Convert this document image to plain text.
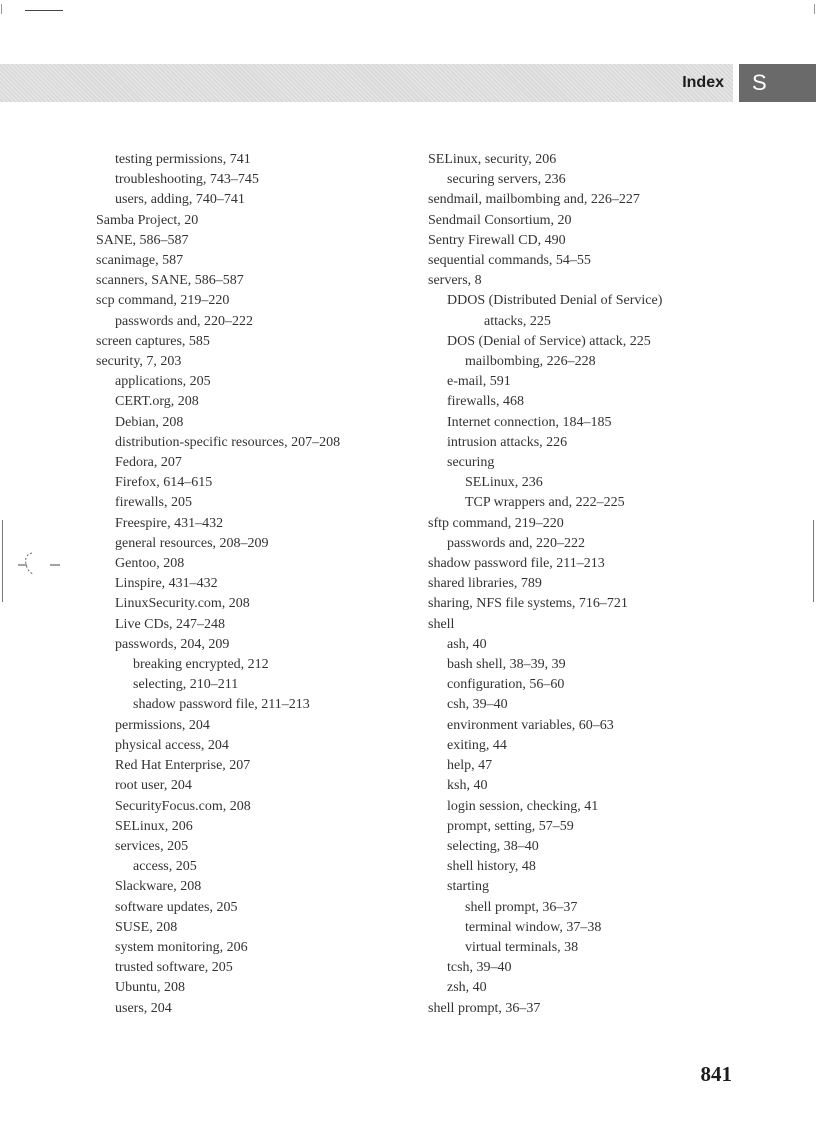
Index	S
testing permissions, 741
troubleshooting, 743–745
users, adding, 740–741
Samba Project, 20
SANE, 586–587
scanimage, 587
scanners, SANE, 586–587
scp command, 219–220
passwords and, 220–222
screen captures, 585
security, 7, 203
applications, 205
CERT.org, 208
Debian, 208
distribution-specific resources, 207–208
Fedora, 207
Firefox, 614–615
firewalls, 205
Freespire, 431–432
general resources, 208–209
Gentoo, 208
Linspire, 431–432
LinuxSecurity.com, 208
Live CDs, 247–248
passwords, 204, 209
breaking encrypted, 212
selecting, 210–211
shadow password file, 211–213
permissions, 204
physical access, 204
Red Hat Enterprise, 207
root user, 204
SecurityFocus.com, 208
SELinux, 206
services, 205
access, 205
Slackware, 208
software updates, 205
SUSE, 208
system monitoring, 206
trusted software, 205
Ubuntu, 208
users, 204
SELinux, security, 206
securing servers, 236
sendmail, mailbombing and, 226–227
Sendmail Consortium, 20
Sentry Firewall CD, 490
sequential commands, 54–55
servers, 8
DDOS (Distributed Denial of Service)
attacks, 225
DOS (Denial of Service) attack, 225
mailbombing, 226–228
e-mail, 591
firewalls, 468
Internet connection, 184–185
intrusion attacks, 226
securing
SELinux, 236
TCP wrappers and, 222–225
sftp command, 219–220
passwords and, 220–222
shadow password file, 211–213
shared libraries, 789
sharing, NFS file systems, 716–721
shell
ash, 40
bash shell, 38–39, 39
configuration, 56–60
csh, 39–40
environment variables, 60–63
exiting, 44
help, 47
ksh, 40
login session, checking, 41
prompt, setting, 57–59
selecting, 38–40
shell history, 48
starting
shell prompt, 36–37
terminal window, 37–38
virtual terminals, 38
tcsh, 39–40
zsh, 40
shell prompt, 36–37
841
